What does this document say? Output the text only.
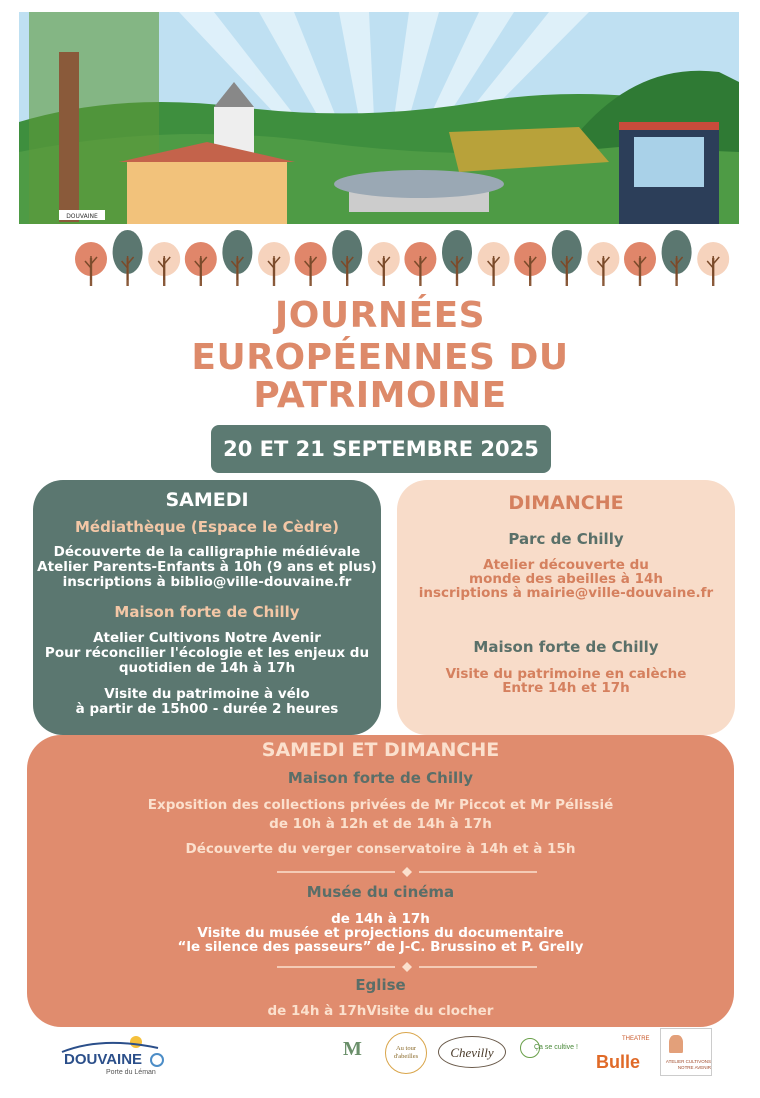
DOUVAINE
JOURNÉES
EUROPÉENNES DU
PATRIMOINE
20 ET 21 SEPTEMBRE 2025
SAMEDI
Médiathèque (Espace le Cèdre)
Découverte de la calligraphie médiévale
Atelier Parents-Enfants à 10h (9 ans et plus)
inscriptions à biblio@ville-douvaine.fr
Maison forte de Chilly
Atelier Cultivons Notre Avenir
Pour réconcilier l'écologie et les enjeux du
quotidien de 14h à 17h
Visite du patrimoine à vélo
à partir de 15h00 - durée 2 heures
DIMANCHE
Parc de Chilly
Atelier découverte du
monde des abeilles à 14h
inscriptions à mairie@ville-douvaine.fr
Maison forte de Chilly
Visite du patrimoine en calèche
Entre 14h et 17h
SAMEDI ET DIMANCHE
Maison forte de Chilly
Exposition des collections privées de Mr Piccot et Mr Pélissié
de 10h à 12h et de 14h à 17h
Découverte du verger conservatoire à 14h et à 15h
Musée du cinéma
de 14h à 17h
Visite du musée et projections du documentaire
“le silence des passeurs” de J-C. Brussino et P. Grelly
Eglise
de 14h à 17hVisite du clocher
DOUVAINE
Porte du Léman
M	Au tour d'abeilles	Chevilly	Ça se cultive !
THEATRE
Bulle	ATELIER CULTIVONS NOTRE AVENIR
